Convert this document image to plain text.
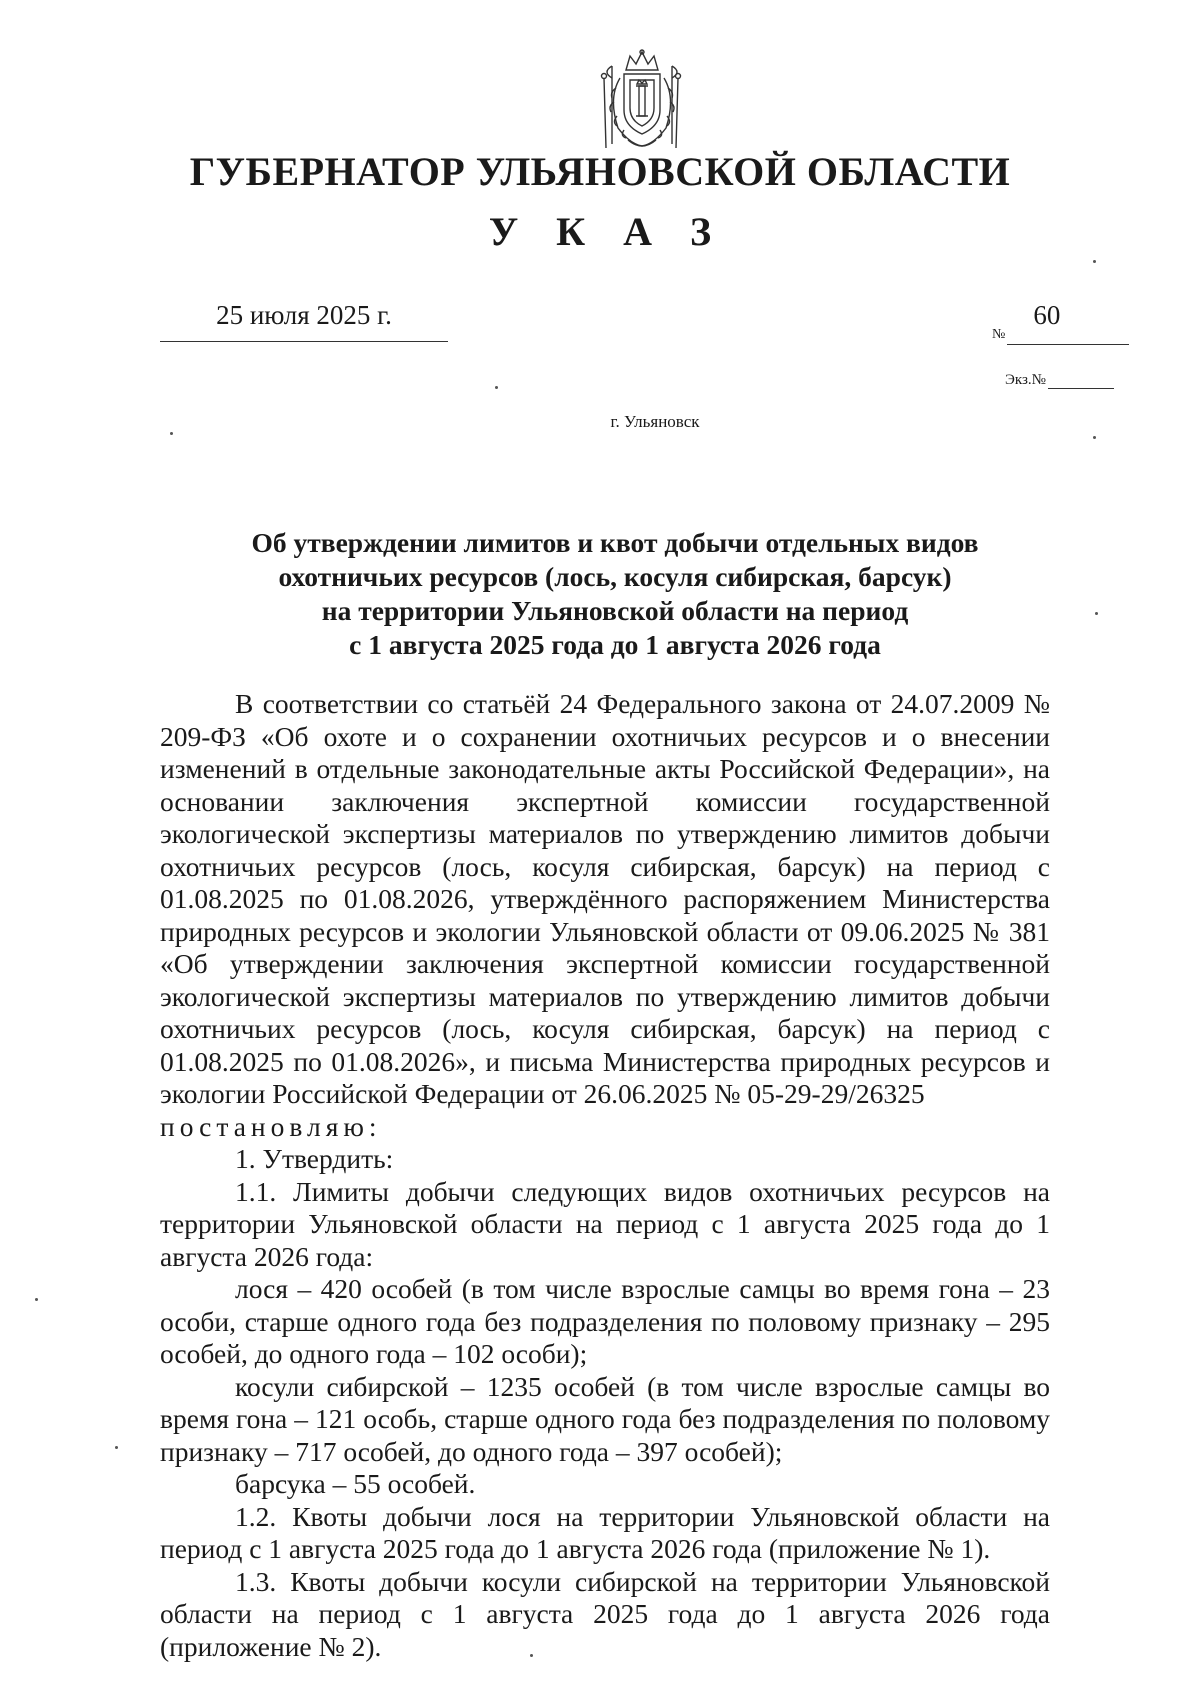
ГУБЕРНАТОР УЛЬЯНОВСКОЙ ОБЛАСТИ
У К А З
25 июля 2025 г.
№
60
Экз.№
г. Ульяновск
Об утверждении лимитов и квот добычи отдельных видов
охотничьих ресурсов (лось, косуля сибирская, барсук)
на территории Ульяновской области на период
с 1 августа 2025 года до 1 августа 2026 года

В соответствии со статьёй 24 Федерального закона от 24.07.2009 № 209-ФЗ «Об охоте и о сохранении охотничьих ресурсов и о внесении изменений в отдельные законодательные акты Российской Федерации», на основании заключения экспертной комиссии государственной экологической экспертизы материалов по утверждению лимитов добычи охотничьих ресурсов (лось, косуля сибирская, барсук) на период с 01.08.2025 по 01.08.2026, утверждённого распоряжением Министерства природных ресурсов и экологии Ульяновской области от 09.06.2025 № 381 «Об утверждении заключения экспертной комиссии государственной экологической экспертизы материалов по утверждению лимитов добычи охотничьих ресурсов (лось, косуля сибирская, барсук) на период с 01.08.2025 по 01.08.2026», и письма Министерства природных ресурсов и экологии Российской Федерации от 26.06.2025 № 05-29-29/26325

постановляю:

1. Утвердить:

1.1. Лимиты добычи следующих видов охотничьих ресурсов на территории Ульяновской области на период с 1 августа 2025 года до 1 августа 2026 года:

лося – 420 особей (в том числе взрослые самцы во время гона – 23 особи, старше одного года без подразделения по половому признаку – 295 особей, до одного года – 102 особи);

косули сибирской – 1235 особей (в том числе взрослые самцы во время гона – 121 особь, старше одного года без подразделения по половому признаку – 717 особей, до одного года – 397 особей);

барсука – 55 особей.

1.2. Квоты добычи лося на территории Ульяновской области на период с 1 августа 2025 года до 1 августа 2026 года (приложение № 1).

1.3. Квоты добычи косули сибирской на территории Ульяновской области на период с 1 августа 2025 года до 1 августа 2026 года (приложение № 2).
